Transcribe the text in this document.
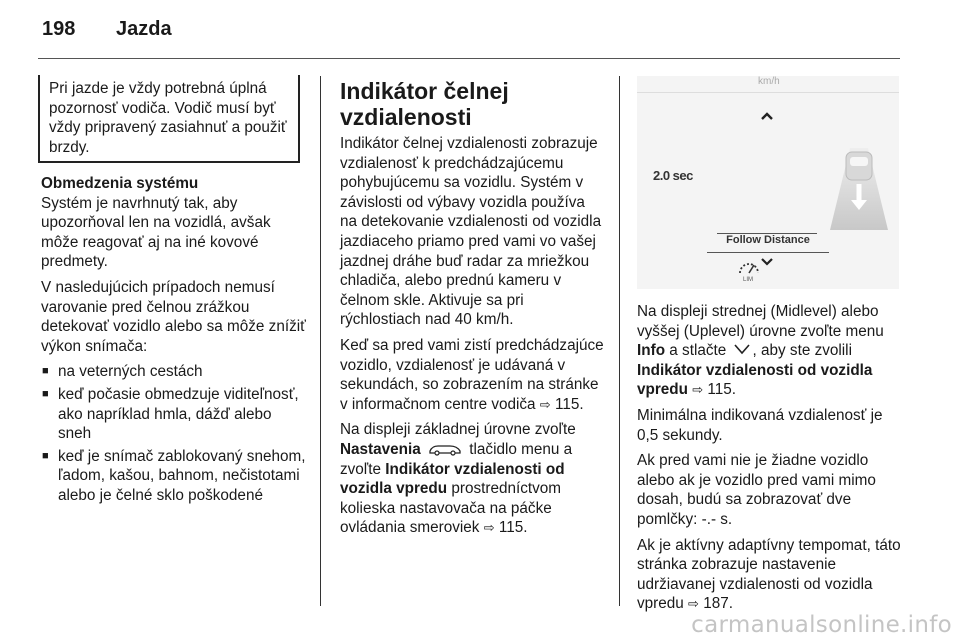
198 Jazda
Pri jazde je vždy potrebná úplná pozornosť vodiča. Vodič musí byť vždy pripravený zasiahnuť a použiť brzdy.
Obmedzenia systému

Systém je navrhnutý tak, aby upozorňoval len na vozidlá, avšak môže reagovať aj na iné kovové predmety.

V nasledujúcich prípadoch nemusí varovanie pred čelnou zrážkou detekovať vozidlo alebo sa môže znížiť výkon snímača:

■ na veterných cestách
■ keď počasie obmedzuje viditeľnosť, ako napríklad hmla, dážď alebo sneh
■ keď je snímač zablokovaný snehom, ľadom, kašou, bahnom, nečistotami alebo je čelné sklo poškodené
Indikátor čelnej vzdialenosti

Indikátor čelnej vzdialenosti zobrazuje vzdialenosť k predchádzajúcemu pohybujúcemu sa vozidlu. Systém v závislosti od výbavy vozidla používa na detekovanie vzdialenosti od vozidla jazdiaceho priamo pred vami vo vašej jazdnej dráhe buď radar za mriežkou chladiča, alebo prednú kameru v čelnom skle. Aktivuje sa pri rýchlostiach nad 40 km/h.

Keď sa pred vami zistí predchádzajúce vozidlo, vzdialenosť je udávaná v sekundách, so zobrazením na stránke v informačnom centre vodiča ⇨ 115.

Na displeji základnej úrovne zvoľte Nastavenia	tlačidlo menu a zvoľte Indikátor vzdialenosti od vozidla vpredu prostredníctvom kolieska nastavovača na páčke ovládania smeroviek ⇨ 115.

km/h
2.0 sec
Follow Distance
LIM

Na displeji strednej (Midlevel) alebo vyššej (Uplevel) úrovne zvoľte menu Info a stlačte , aby ste zvolili Indikátor vzdialenosti od vozidla vpredu ⇨ 115.

Minimálna indikovaná vzdialenosť je 0,5 sekundy.

Ak pred vami nie je žiadne vozidlo alebo ak je vozidlo pred vami mimo dosah, budú sa zobrazovať dve pomlčky: -.- s.

Ak je aktívny adaptívny tempomat, táto stránka zobrazuje nastavenie udržiavanej vzdialenosti od vozidla vpredu ⇨ 187.

carmanualsonline.info
